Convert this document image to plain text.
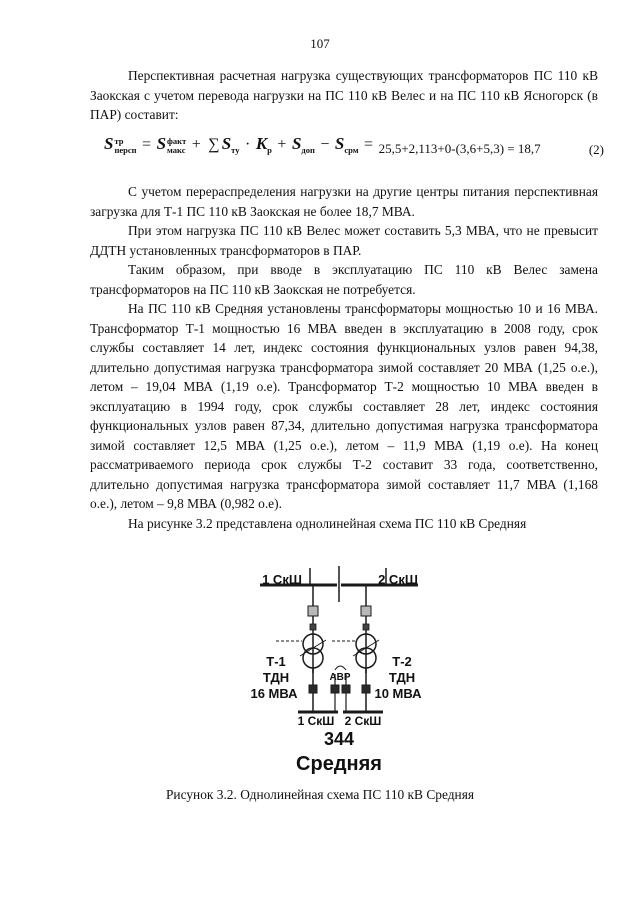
107

Перспективная расчетная нагрузка существующих трансформаторов ПС 110 кВ Заокская с учетом перевода нагрузки на ПС 110 кВ Велес и на ПС 110 кВ Ясногорск (в ПАР) составит:

Sтр
персп = Sфакт
макс + ∑ $S_{ту} \cdot K_р + S_{доп} - S_{срм} = 25,5+2,113+0-(3,6+5,3) = 18,7$	(2)

С учетом перераспределения нагрузки на другие центры питания перспективная загрузка для Т-1 ПС 110 кВ Заокская не более 18,7 МВА.

При этом нагрузка ПС 110 кВ Велес может составить 5,3 МВА, что не превысит ДДТН установленных трансформаторов в ПАР.

Таким образом, при вводе в эксплуатацию ПС 110 кВ Велес замена трансформаторов на ПС 110 кВ Заокская не потребуется.

На ПС 110 кВ Средняя установлены трансформаторы мощностью 10 и 16 МВА. Трансформатор Т-1 мощностью 16 МВА введен в эксплуатацию в 2008 году, срок службы составляет 14 лет, индекс состояния функциональных узлов равен 94,38, длительно допустимая нагрузка трансформатора зимой составляет 20 МВА (1,25 о.е.), летом – 19,04 МВА (1,19 о.е). Трансформатор Т-2 мощностью 10 МВА введен в эксплуатацию в 1994 году, срок службы составляет 28 лет, индекс состояния функциональных узлов равен 87,34, длительно допустимая нагрузка трансформатора зимой составляет 12,5 МВА (1,25 о.е.), летом – 11,9 МВА (1,19 о.е). На конец рассматриваемого периода срок службы Т-2 составит 33 года, соответственно, длительно допустимая нагрузка трансформатора зимой составляет 11,7 МВА (1,168 о.е.), летом – 9,8 МВА (0,982 о.е).

На рисунке 3.2 представлена однолинейная схема ПС 110 кВ Средняя

1 СкШ	2 СкШ
Т-1
ТДН
16 МВА
Т-2
ТДН
10 МВА
АВР
1 СкШ 2 СкШ
344
Средняя
Рисунок 3.2. Однолинейная схема ПС 110 кВ Средняя
